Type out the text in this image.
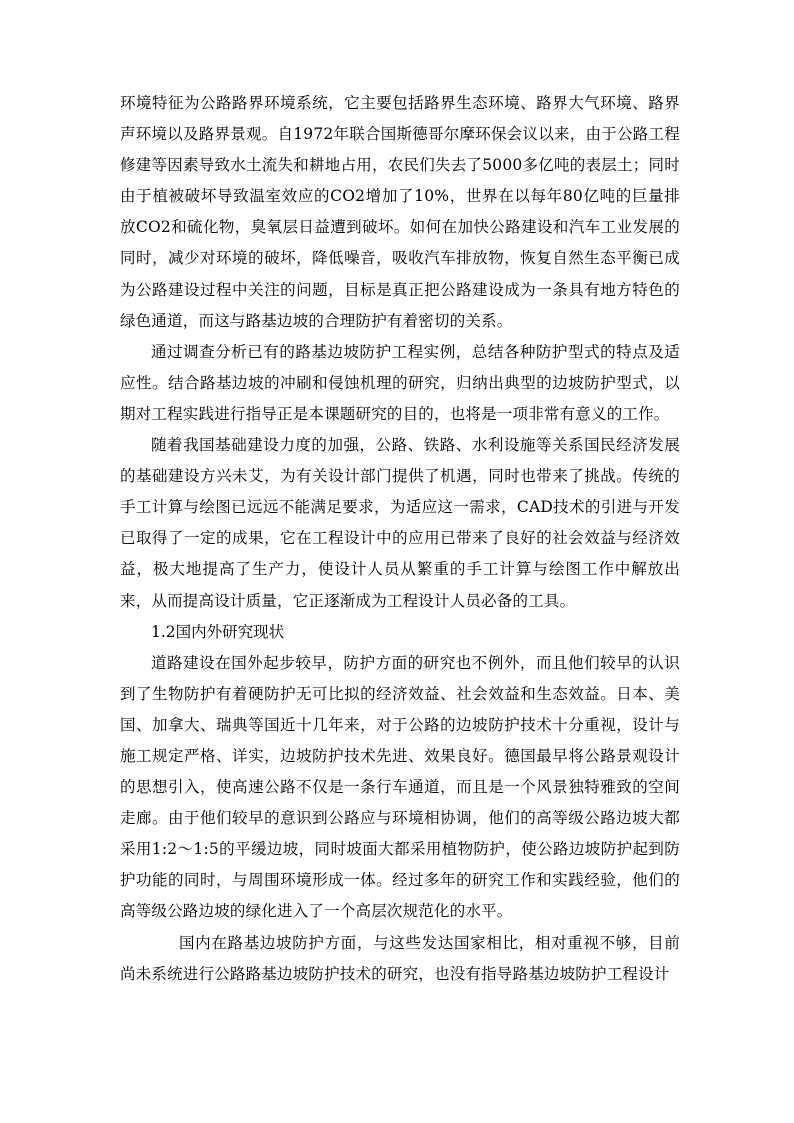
环境特征为公路路界环境系统，它主要包括路界生态环境、路界大气环境、路界声环境以及路界景观。自1972年联合国斯德哥尔摩环保会议以来，由于公路工程修建等因素导致水土流失和耕地占用，农民们失去了5000多亿吨的表层土；同时由于植被破坏导致温室效应的CO2增加了10%，世界在以每年80亿吨的巨量排放CO2和硫化物，臭氧层日益遭到破坏。如何在加快公路建设和汽车工业发展的同时，减少对环境的破坏，降低噪音，吸收汽车排放物，恢复自然生态平衡已成为公路建设过程中关注的问题，目标是真正把公路建设成为一条具有地方特色的绿色通道，而这与路基边坡的合理防护有着密切的关系。

通过调查分析已有的路基边坡防护工程实例，总结各种防护型式的特点及适应性。结合路基边坡的冲刷和侵蚀机理的研究，归纳出典型的边坡防护型式，以期对工程实践进行指导正是本课题研究的目的，也将是一项非常有意义的工作。

随着我国基础建设力度的加强，公路、铁路、水利设施等关系国民经济发展的基础建设方兴未艾，为有关设计部门提供了机遇，同时也带来了挑战。传统的手工计算与绘图已远远不能满足要求，为适应这一需求，CAD技术的引进与开发已取得了一定的成果，它在工程设计中的应用已带来了良好的社会效益与经济效益，极大地提高了生产力，使设计人员从繁重的手工计算与绘图工作中解放出来，从而提高设计质量，它正逐渐成为工程设计人员必备的工具。

1.2国内外研究现状

道路建设在国外起步较早，防护方面的研究也不例外，而且他们较早的认识到了生物防护有着硬防护无可比拟的经济效益、社会效益和生态效益。日本、美国、加拿大、瑞典等国近十几年来，对于公路的边坡防护技术十分重视，设计与施工规定严格、详实，边坡防护技术先进、效果良好。德国最早将公路景观设计的思想引入，使高速公路不仅是一条行车通道，而且是一个风景独特雅致的空间走廊。由于他们较早的意识到公路应与环境相协调，他们的高等级公路边坡大都采用1:2～1:5的平缓边坡，同时坡面大都采用植物防护，使公路边坡防护起到防护功能的同时，与周围环境形成一体。经过多年的研究工作和实践经验，他们的高等级公路边坡的绿化进入了一个高层次规范化的水平。

国内在路基边坡防护方面，与这些发达国家相比，相对重视不够，目前尚未系统进行公路路基边坡防护技术的研究，也没有指导路基边坡防护工程设计
